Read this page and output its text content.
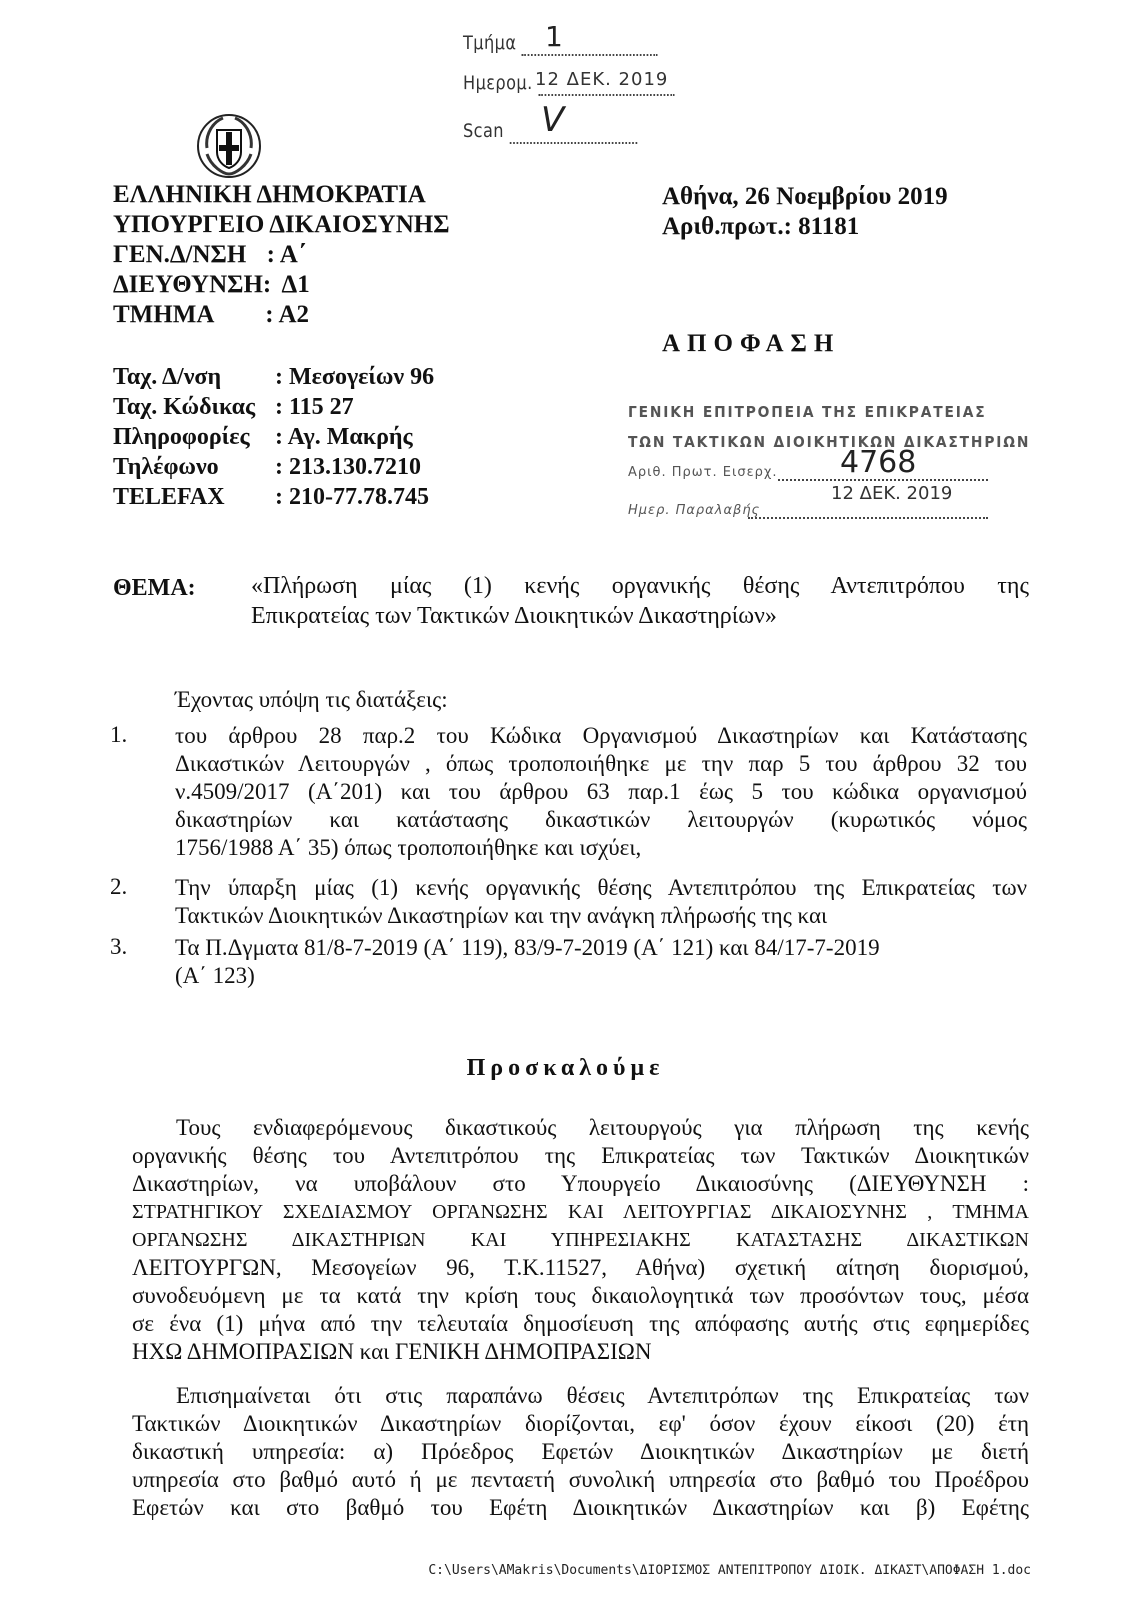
Τμήμα	1
Ημερομ. 12 ΔΕΚ. 2019
Scan	V
ΕΛΛΗΝΙΚΗ ΔΗΜΟΚΡΑΤΙΑ
ΥΠΟΥΡΓΕΙΟ ΔΙΚΑΙΟΣΥΝΗΣ
ΓΕΝ.Δ/ΝΣΗ : Α΄
ΔΙΕΥΘΥΝΣΗ: Δ1
ΤΜΗΜΑ : Α2
Ταχ. Δ/νση : Μεσογείων 96
Ταχ. Κώδικας : 115 27
Πληροφορίες : Αγ. Μακρής
Τηλέφωνο : 213.130.7210
TELEFAX : 210-77.78.745
Αθήνα, 26 Νοεμβρίου 2019
Αριθ.πρωτ.: 81181
ΑΠΟΦΑΣΗ
ΓΕΝΙΚΗ ΕΠΙΤΡΟΠΕΙΑ ΤΗΣ ΕΠΙΚΡΑΤΕΙΑΣ
ΤΩΝ ΤΑΚΤΙΚΩΝ ΔΙΟΙΚΗΤΙΚΩΝ ΔΙΚΑΣΤΗΡΙΩΝ
Αριθ. Πρωτ. Εισερχ. 4768
12 ΔΕΚ. 2019
Ημερ. Παραλαβής
ΘΕΜΑ: «Πλήρωση μίας (1) κενής οργανικής θέσης Αντεπιτρόπου της
Επικρατείας των Τακτικών Διοικητικών Δικαστηρίων»
Έχοντας υπόψη τις διατάξεις:
1. του άρθρου 28 παρ.2 του Κώδικα Οργανισμού Δικαστηρίων και Κατάστασης
Δικαστικών Λειτουργών , όπως τροποποιήθηκε με την παρ 5 του άρθρου 32 του
ν.4509/2017 (Α΄201) και του άρθρου 63 παρ.1 έως 5 του κώδικα οργανισμού
δικαστηρίων και κατάστασης δικαστικών λειτουργών (κυρωτικός νόμος
1756/1988 Α΄ 35) όπως τροποποιήθηκε και ισχύει,
2. Την ύπαρξη μίας (1) κενής οργανικής θέσης Αντεπιτρόπου της Επικρατείας των
Τακτικών Διοικητικών Δικαστηρίων και την ανάγκη πλήρωσής της και
3. Τα Π.Δγματα 81/8-7-2019 (Α΄ 119), 83/9-7-2019 (Α΄ 121) και 84/17-7-2019
(Α΄ 123)
Προσκαλούμε
Τους ενδιαφερόμενους δικαστικούς λειτουργούς για πλήρωση της κενής
οργανικής θέσης του Αντεπιτρόπου της Επικρατείας των Τακτικών Διοικητικών
Δικαστηρίων, να υποβάλουν στο Υπουργείο Δικαιοσύνης (ΔΙΕΥΘΥΝΣΗ :
ΣΤΡΑΤΗΓΙΚΟΥ ΣΧΕΔΙΑΣΜΟΥ ΟΡΓΑΝΩΣΗΣ ΚΑΙ ΛΕΙΤΟΥΡΓΙΑΣ ΔΙΚΑΙΟΣΥΝΗΣ , ΤΜΗΜΑ
ΟΡΓΑΝΩΣΗΣ ΔΙΚΑΣΤΗΡΙΩΝ ΚΑΙ ΥΠΗΡΕΣΙΑΚΗΣ ΚΑΤΑΣΤΑΣΗΣ ΔΙΚΑΣΤΙΚΩΝ
ΛΕΙΤΟΥΡΓΩΝ, Μεσογείων 96, Τ.Κ.11527, Αθήνα) σχετική αίτηση διορισμού,
συνοδευόμενη με τα κατά την κρίση τους δικαιολογητικά των προσόντων τους, μέσα
σε ένα (1) μήνα από την τελευταία δημοσίευση της απόφασης αυτής στις εφημερίδες
ΗΧΩ ΔΗΜΟΠΡΑΣΙΩΝ και ΓΕΝΙΚΗ ΔΗΜΟΠΡΑΣΙΩΝ
Επισημαίνεται ότι στις παραπάνω θέσεις Αντεπιτρόπων της Επικρατείας των
Τακτικών Διοικητικών Δικαστηρίων διορίζονται, εφ' όσον έχουν είκοσι (20) έτη
δικαστική υπηρεσία: α) Πρόεδρος Εφετών Διοικητικών Δικαστηρίων με διετή
υπηρεσία στο βαθμό αυτό ή με πενταετή συνολική υπηρεσία στο βαθμό του Προέδρου
Εφετών και στο βαθμό του Εφέτη Διοικητικών Δικαστηρίων και β) Εφέτης
C:\Users\AMakris\Documents\ΔΙΟΡΙΣΜΟΣ ΑΝΤΕΠΙΤΡΟΠΟΥ ΔΙΟΙΚ. ΔΙΚΑΣΤ\ΑΠΟΦΑΣΗ 1.doc
